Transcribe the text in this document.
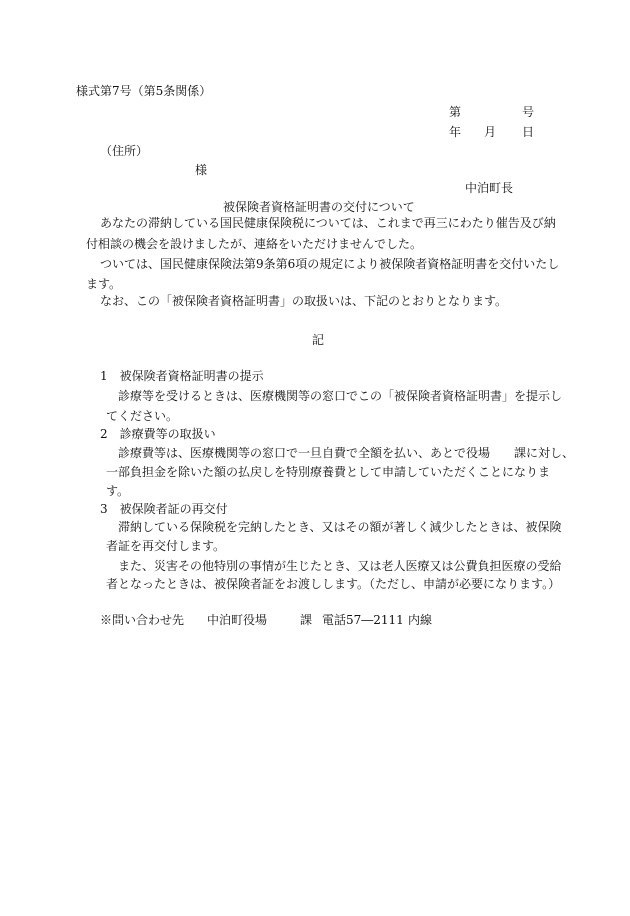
様式第7号（第5条関係）
第	号
年 月 日
（住所）
様
中泊町長
被保険者資格証明書の交付について
あなたの滞納している国民健康保険税については、これまで再三にわたり催告及び納
付相談の機会を設けましたが、連絡をいただけませんでした。
ついては、国民健康保険法第9条第6項の規定により被保険者資格証明書を交付いたし
ます。
なお、この「被保険者資格証明書」の取扱いは、下記のとおりとなります。
記
1　被保険者資格証明書の提示
診療等を受けるときは、医療機関等の窓口でこの「被保険者資格証明書」を提示し
てください。
2　診療費等の取扱い
診療費等は、医療機関等の窓口で一旦自費で全額を払い、あとで役場　　課に対し、
一部負担金を除いた額の払戻しを特別療養費として申請していただくことになりま
す。
3　被保険者証の再交付
滞納している保険税を完納したとき、又はその額が著しく減少したときは、被保険
者証を再交付します。
また、災害その他特別の事情が生じたとき、又は老人医療又は公費負担医療の受給
者となったときは、被保険者証をお渡しします。（ただし、申請が必要になります。）
※問い合わせ先 中泊町役場	課 電話57―2111 内線
